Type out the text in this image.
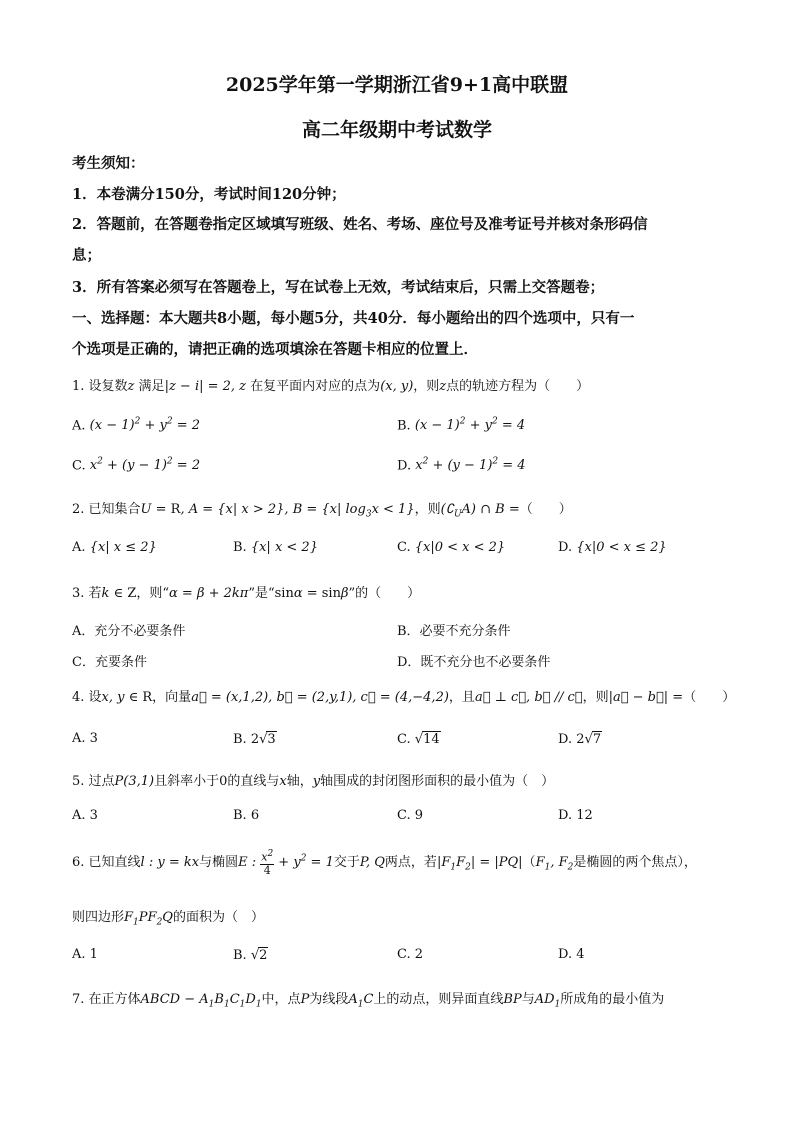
2025学年第一学期浙江省9+1高中联盟
高二年级期中考试数学
考生须知：
1．本卷满分150分，考试时间120分钟；
2．答题前，在答题卷指定区域填写班级、姓名、考场、座位号及准考证号并核对条形码信
息；
3．所有答案必须写在答题卷上，写在试卷上无效，考试结束后，只需上交答题卷；
一、选择题：本大题共8小题，每小题5分，共40分．每小题给出的四个选项中，只有一
个选项是正确的，请把正确的选项填涂在答题卡相应的位置上．
1. 设复数z 满足|z − i| = 2, z 在复平面内对应的点为(x, y)，则z点的轨迹方程为（　　）
A. $(x - 1)^2 + y^2 = 2$	B. $(x - 1)^2 + y^2 = 4$
C. $x^2 + (y - 1)^2 = 2$	D. $x^2 + (y - 1)^2 = 4$
2. 已知集合U = R, A = {x| x > 2}, B = {x| $\log_3x < 1$}，则$(∁_UA)$ ∩ B =（　　）
A. {x| x ≤ 2}	B. {x| x < 2}	C. {x|0 < x < 2}	D. {x|0 < x ≤ 2}
3. 若k ∈ Z，则“α = β + 2kπ”是“sinα = sinβ”的（　　）
A．充分不必要条件	B．必要不充分条件
C．充要条件	D．既不充分也不必要条件
4. 设x, y ∈ R，向量a⃗ = (x,1,2), b⃗ = (2,y,1), c⃗ = (4,−4,2)，且a⃗ ⊥ c⃗, b⃗ // c⃗，则|a⃗ − b⃗| =（　　）
A. 3	B. 2√3	C. √14	D. 2√7
5. 过点P(3,1)且斜率小于0的直线与x轴，y轴围成的封闭图形面积的最小值为（　）
A. 3	B. 6	C. 9	D. 12
6. 已知直线l : y = kx与椭圆E : $\frac{x^2}{4} + y^2 = 1$交于P, Q两点，若$|F_1F_2| = |PQ|(F_1$, $F_2$是椭圆的两个焦点），
则四边形$F_1PF_2Q$的面积为（　）
A. 1	B. √2	C. 2	D. 4
7. 在正方体ABCD − $A_1B_1C_1D_1$中，点P为线段$A_1C$上的动点，则异面直线BP与$AD_1$所成角的最小值为
